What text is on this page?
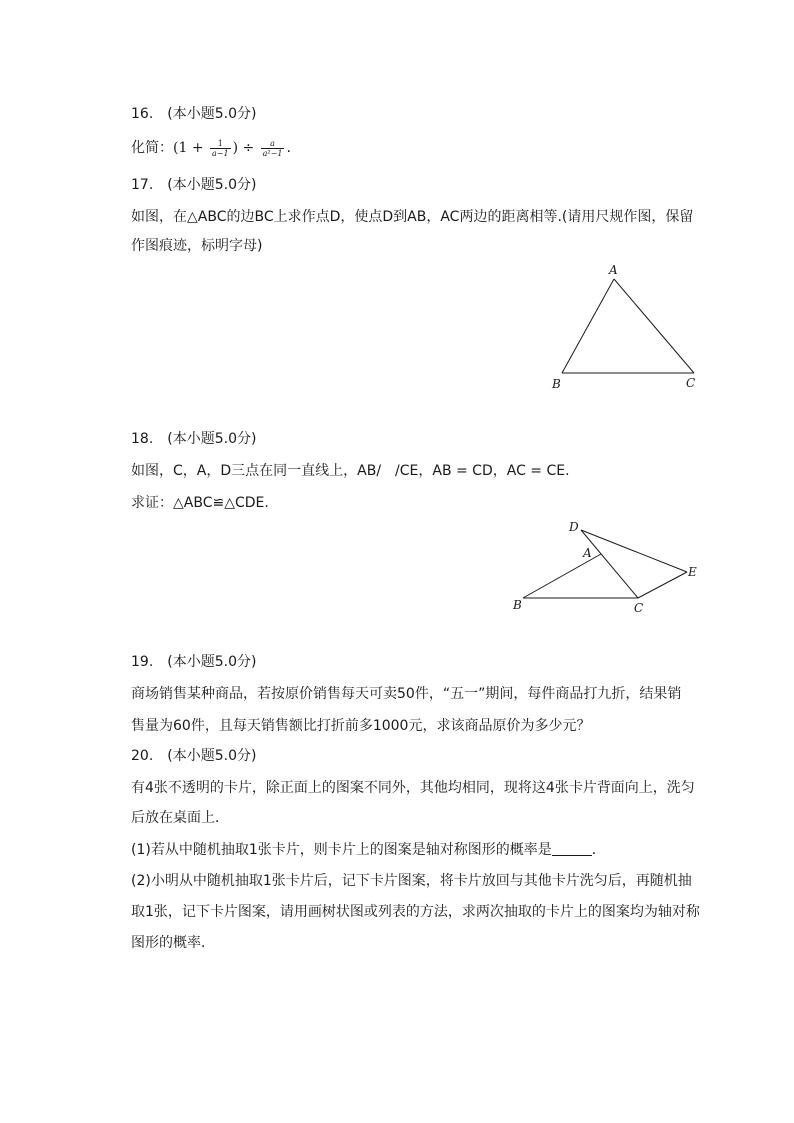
16.　(本小题5.0分)
化简：($1 + \frac{1}{a-1}$ ) ÷ $\frac{a}{\text{a²−1}}$ .
17.　(本小题5.0分)
如图，在△ABC的边BC上求作点D，使点D到AB，AC两边的距离相等.(请用尺规作图，保留
作图痕迹，标明字母)
A
B	C
18.　(本小题5.0分)
如图，C，A，D三点在同一直线上，AB/　/CE，AB = CD，AC = CE.
求证：△ABC≌△CDE.
D
A
E
B	C
19.　(本小题5.0分)
商场销售某种商品，若按原价销售每天可卖50件，“五一”期间，每件商品打九折，结果销
售量为60件，且每天销售额比打折前多1000元，求该商品原价为多少元？
20.　(本小题5.0分)
有4张不透明的卡片，除正面上的图案不同外，其他均相同，现将这4张卡片背面向上，洗匀
后放在桌面上．
(1)若从中随机抽取1张卡片，则卡片上的图案是轴对称图形的概率是	．
(2)小明从中随机抽取1张卡片后，记下卡片图案，将卡片放回与其他卡片洗匀后，再随机抽
取1张，记下卡片图案，请用画树状图或列表的方法，求两次抽取的卡片上的图案均为轴对称
图形的概率．
